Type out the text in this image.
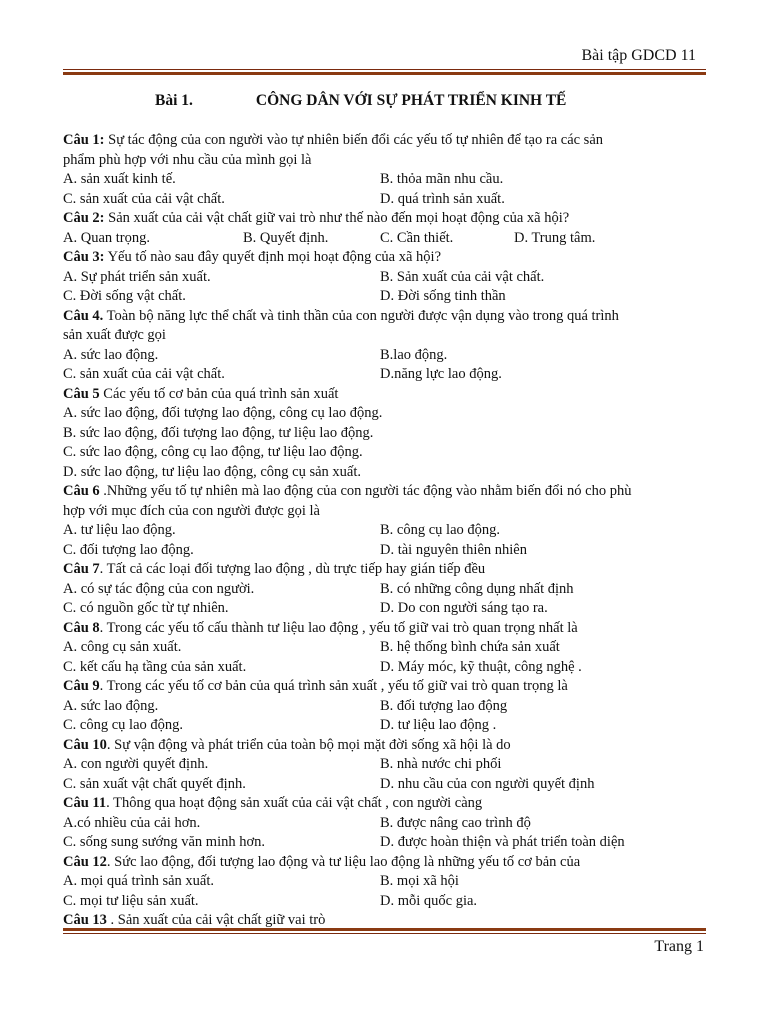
Bài tập GDCD 11
Bài 1.	CÔNG DÂN VỚI SỰ PHÁT TRIỂN KINH TẾ
Câu 1: Sự tác động của con người vào tự nhiên biến đổi các yếu tố tự nhiên để tạo ra các sản
phẩm phù hợp với nhu cầu của mình gọi là
A. sản xuất kinh tế.	B. thỏa mãn nhu cầu.
C. sản xuất của cải vật chất.	D. quá trình sản xuất.
Câu 2: Sản xuất của cải vật chất giữ vai trò như thế nào đến mọi hoạt động của xã hội?
A. Quan trọng.	B. Quyết định.	C. Cần thiết.	D. Trung tâm.
Câu 3: Yếu tố nào sau đây quyết định mọi hoạt động của xã hội?
A. Sự phát triển sản xuất.	B. Sản xuất của cải vật chất.
C. Đời sống vật chất.	D. Đời sống tinh thần
Câu 4. Toàn bộ năng lực thể chất và tinh thần của con người được vận dụng vào trong quá trình
sản xuất được gọi
A. sức lao động.	B.lao động.
C. sản xuất của cải vật chất.	D.năng lực lao động.
Câu 5 Các yếu tố cơ bản của quá trình sản xuất
A. sức lao động, đối tượng lao động, công cụ lao động.
B. sức lao động, đối tượng lao động, tư liệu lao động.
C. sức lao động, công cụ lao động, tư liệu lao động.
D. sức lao động, tư liệu lao động, công cụ sản xuất.
Câu 6 .Những yếu tố tự nhiên mà lao động của con người tác động vào nhằm biến đổi nó cho phù
hợp với mục đích của con người được gọi là
A. tư liệu lao động.	B. công cụ lao động.
C. đối tượng lao động.	D. tài nguyên thiên nhiên
Câu 7. Tất cả các loại đối tượng lao động , dù trực tiếp hay gián tiếp đều
A. có sự tác động của con người.	B. có những công dụng nhất định
C. có nguồn gốc từ tự nhiên.	D. Do con người sáng tạo ra.
Câu 8. Trong các yếu tố cấu thành tư liệu lao động , yếu tố giữ vai trò quan trọng nhất là
A. công cụ sản xuất.	B. hệ thống bình chứa sản xuất
C. kết cấu hạ tầng của sản xuất.	D. Máy móc, kỹ thuật, công nghệ .
Câu 9. Trong các yếu tố cơ bản của quá trình sản xuất , yếu tố giữ vai trò quan trọng là
A. sức lao động.	B. đối tượng lao động
C. công cụ lao động.	D. tư liệu lao động .
Câu 10. Sự vận động và phát triển của toàn bộ mọi mặt đời sống xã hội là do
A. con người quyết định.	B. nhà nước chi phối
C. sản xuất vật chất quyết định.	D. nhu cầu của con người quyết định
Câu 11. Thông qua hoạt động sản xuất của cải vật chất , con người càng
A.có nhiều của cải hơn.	B. được nâng cao trình độ
C. sống sung sướng văn minh hơn.	D. được hoàn thiện và phát triển toàn diện
Câu 12. Sức lao động, đối tượng lao động và tư liệu lao động là những yếu tố cơ bản của
A. mọi quá trình sản xuất.	B. mọi xã hội
C. mọi tư liệu sản xuất.	D. mỗi quốc gia.
Câu 13 . Sản xuất của cải vật chất giữ vai trò
Trang 1
